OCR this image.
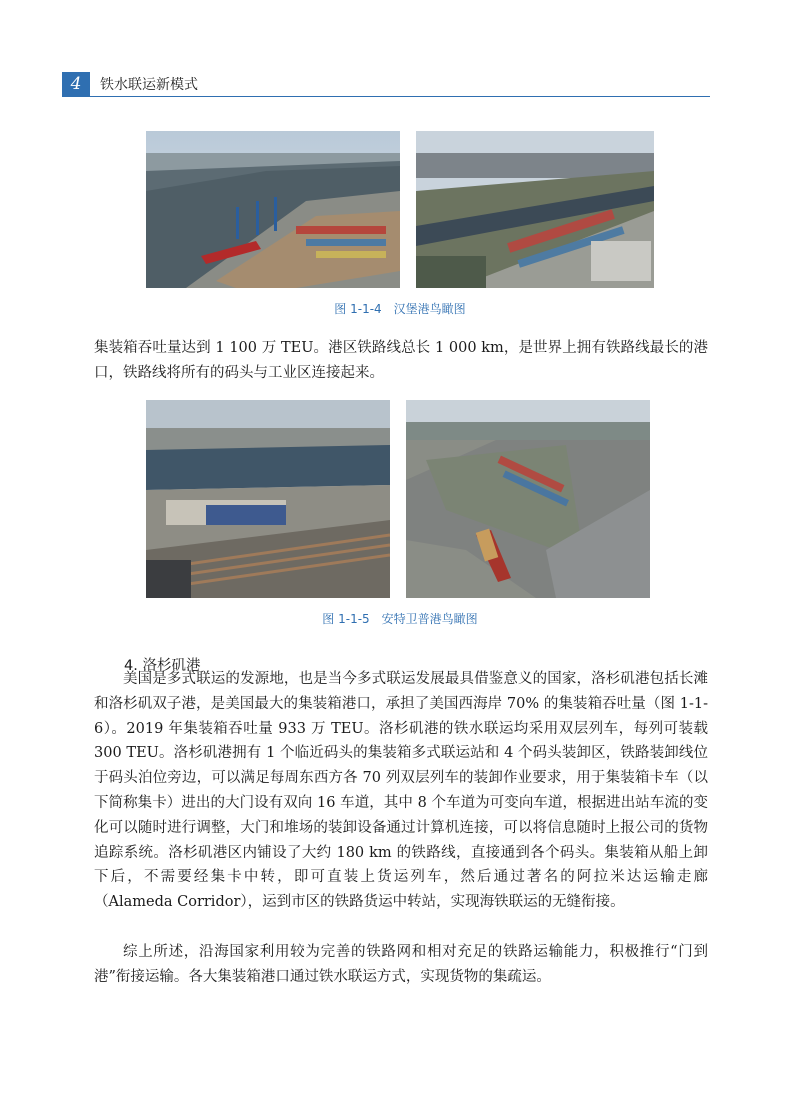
4	铁水联运新模式
图 1-1-4　汉堡港鸟瞰图

集装箱吞吐量达到 1 100 万 TEU。港区铁路线总长 1 000 km，是世界上拥有铁路线最长的港口，铁路线将所有的码头与工业区连接起来。

图 1-1-5　安特卫普港鸟瞰图
4. 洛杉矶港

美国是多式联运的发源地，也是当今多式联运发展最具借鉴意义的国家，洛杉矶港包括长滩和洛杉矶双子港，是美国最大的集装箱港口，承担了美国西海岸 70% 的集装箱吞吐量（图 1-1-6）。2019 年集装箱吞吐量 933 万 TEU。洛杉矶港的铁水联运均采用双层列车，每列可装载 300 TEU。洛杉矶港拥有 1 个临近码头的集装箱多式联运站和 4 个码头装卸区，铁路装卸线位于码头泊位旁边，可以满足每周东西方各 70 列双层列车的装卸作业要求，用于集装箱卡车（以下简称集卡）进出的大门设有双向 16 车道，其中 8 个车道为可变向车道，根据进出站车流的变化可以随时进行调整，大门和堆场的装卸设备通过计算机连接，可以将信息随时上报公司的货物追踪系统。洛杉矶港区内铺设了大约 180 km 的铁路线，直接通到各个码头。集装箱从船上卸下后，不需要经集卡中转，即可直装上货运列车，然后通过著名的阿拉米达运输走廊（Alameda Corridor），运到市区的铁路货运中转站，实现海铁联运的无缝衔接。

综上所述，沿海国家利用较为完善的铁路网和相对充足的铁路运输能力，积极推行“门到港”衔接运输。各大集装箱港口通过铁水联运方式，实现货物的集疏运。
